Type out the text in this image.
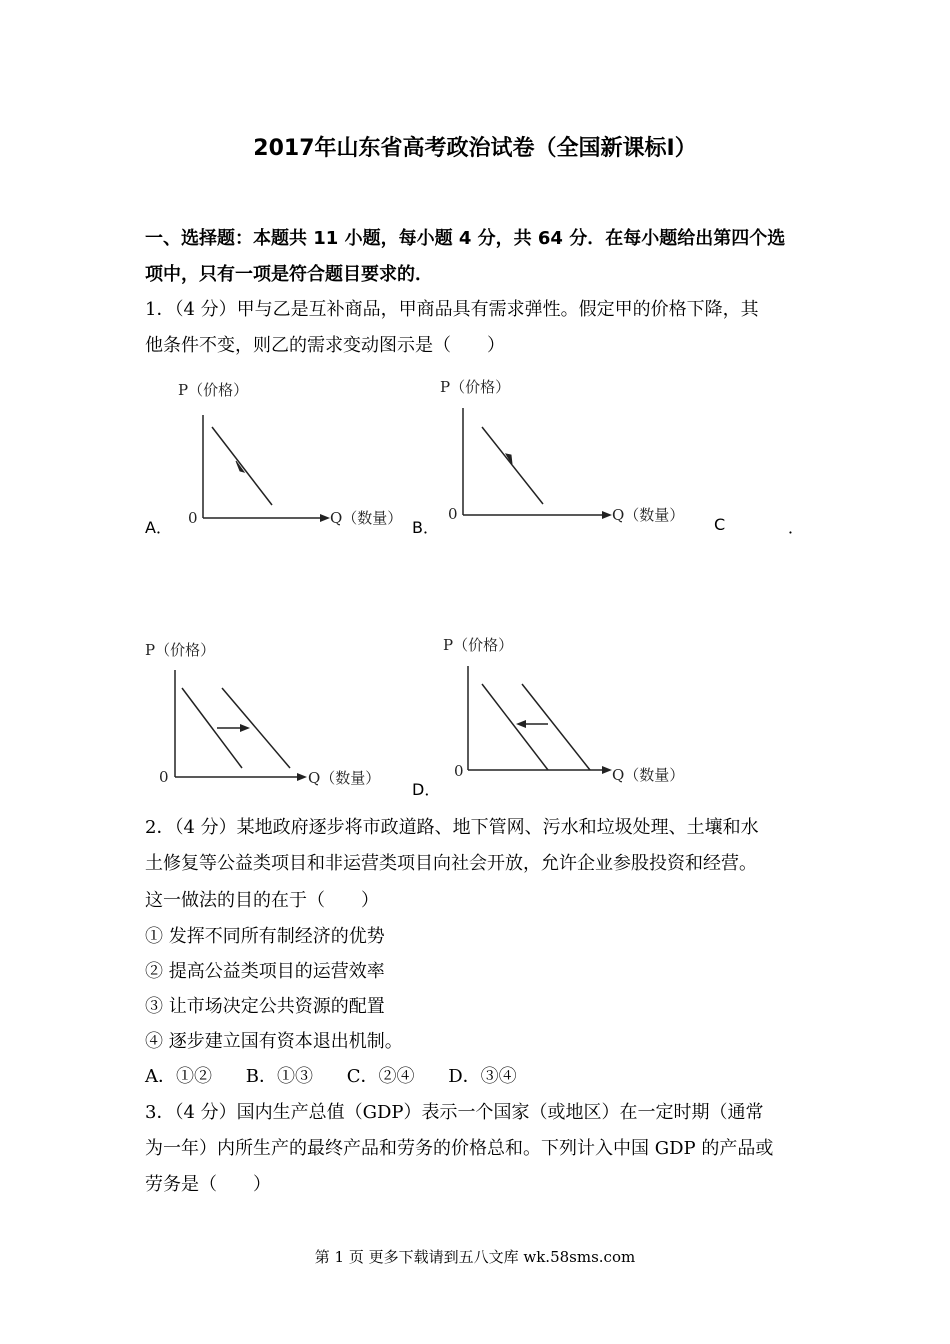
2017年山东省高考政治试卷（全国新课标Ⅰ）
一、选择题：本题共 11 小题，每小题 4 分，共 64 分．在每小题给出第四个选
项中，只有一项是符合题目要求的．
1．（4 分）甲与乙是互补商品，甲商品具有需求弹性。假定甲的价格下降，其
他条件不变，则乙的需求变动图示是（　　）
P（价格）
0	Q（数量）
A．
P（价格）
0	Q（数量）
B．	C	．
P（价格）
0	Q（数量）
P（价格）
0	Q（数量）
D．
2．（4 分）某地政府逐步将市政道路、地下管网、污水和垃圾处理、土壤和水
土修复等公益类项目和非运营类项目向社会开放，允许企业参股投资和经营。
这一做法的目的在于（　　）
① 发挥不同所有制经济的优势
② 提高公益类项目的运营效率
③ 让市场决定公共资源的配置
④ 逐步建立国有资本退出机制。
A．①② B．①③ C．②④ D．③④
3．（4 分）国内生产总值（GDP）表示一个国家（或地区）在一定时期（通常
为一年）内所生产的最终产品和劳务的价格总和。下列计入中国 GDP 的产品或
劳务是（　　）
第 1 页 更多下载请到五八文库 wk.58sms.com
